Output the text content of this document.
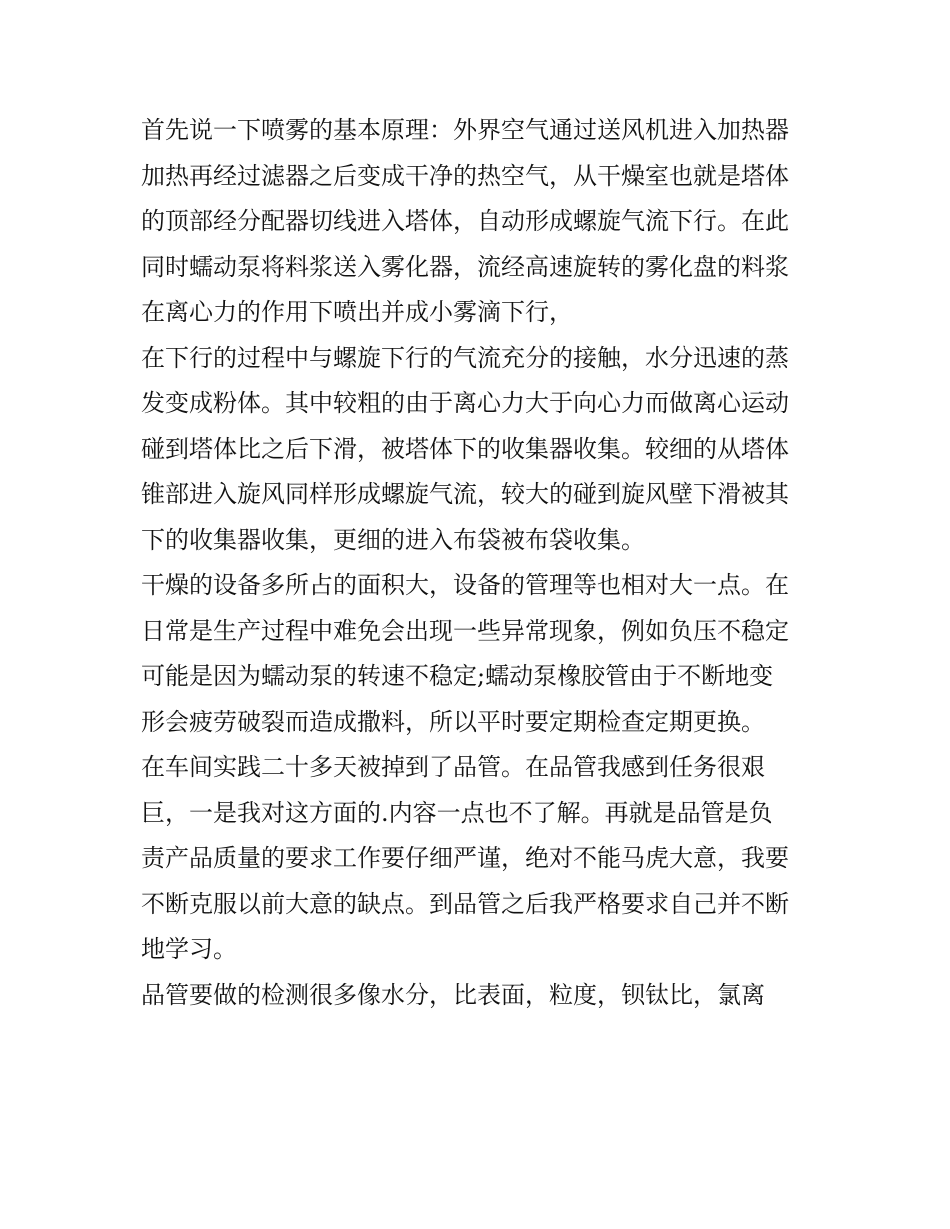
首先说一下喷雾的基本原理：外界空气通过送风机进入加热器
加热再经过滤器之后变成干净的热空气，从干燥室也就是塔体
的顶部经分配器切线进入塔体，自动形成螺旋气流下行。在此
同时蠕动泵将料浆送入雾化器，流经高速旋转的雾化盘的料浆
在离心力的作用下喷出并成小雾滴下行，
在下行的过程中与螺旋下行的气流充分的接触，水分迅速的蒸
发变成粉体。其中较粗的由于离心力大于向心力而做离心运动
碰到塔体比之后下滑，被塔体下的收集器收集。较细的从塔体
锥部进入旋风同样形成螺旋气流，较大的碰到旋风壁下滑被其
下的收集器收集，更细的进入布袋被布袋收集。
干燥的设备多所占的面积大，设备的管理等也相对大一点。在
日常是生产过程中难免会出现一些异常现象，例如负压不稳定
可能是因为蠕动泵的转速不稳定;蠕动泵橡胶管由于不断地变
形会疲劳破裂而造成撒料，所以平时要定期检查定期更换。
在车间实践二十多天被掉到了品管。在品管我感到任务很艰
巨，一是我对这方面的.内容一点也不了解。再就是品管是负
责产品质量的要求工作要仔细严谨，绝对不能马虎大意，我要
不断克服以前大意的缺点。到品管之后我严格要求自己并不断
地学习。
品管要做的检测很多像水分，比表面，粒度，钡钛比，氯离
